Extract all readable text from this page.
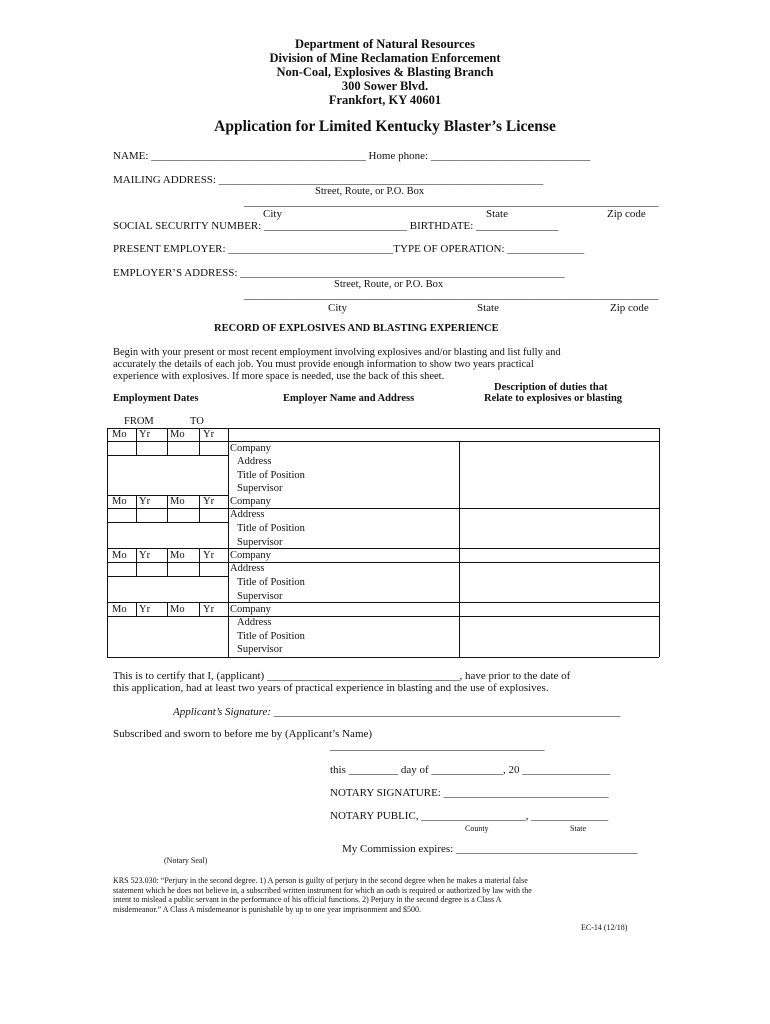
Department of Natural Resources
Division of Mine Reclamation Enforcement
Non-Coal, Explosives & Blasting Branch
300 Sower Blvd.
Frankfort, KY 40601
Application for Limited Kentucky Blaster’s License
NAME: _______________________________________ Home phone: _____________________________
MAILING ADDRESS: ___________________________________________________________
Street, Route, or P.O. Box
_______________________________________________________________________________
City	State	Zip code
SOCIAL SECURITY NUMBER: __________________________ BIRTHDATE: _______________
PRESENT EMPLOYER: ______________________________TYPE OF OPERATION: ______________
EMPLOYER’S ADDRESS: ___________________________________________________________
Street, Route, or P.O. Box
_______________________________________________________________________________
City	State	Zip code
RECORD OF EXPLOSIVES AND BLASTING EXPERIENCE
Begin with your present or most recent employment involving explosives and/or blasting and list fully and
accurately the details of each job. You must provide enough information to show two years practical
experience with explosives. If more space is needed, use the back of this sheet.
Description of duties that
Employment Dates	Employer Name and Address	Relate to explosives or blasting
FROM	TO
Mo Yr Mo Yr
Company
Address
Title of Position
Supervisor
Mo Yr Mo Yr Company
Address
Title of Position
Supervisor
Mo Yr Mo Yr Company
Address
Title of Position
Supervisor
Mo Yr Mo Yr Company
Address
Title of Position
Supervisor
This is to certify that I, (applicant) ___________________________________, have prior to the date of
this application, had at least two years of practical experience in blasting and the use of explosives.
Applicant’s Signature: _______________________________________________________________
Subscribed and sworn to before me by (Applicant’s Name)
_______________________________________
this _________ day of _____________, 20 ________________
NOTARY SIGNATURE: ______________________________
NOTARY PUBLIC, ___________________, ______________
County	State
My Commission expires: _________________________________
(Notary Seal)
KRS 523.030: “Perjury in the second degree. 1) A person is guilty of perjury in the second degree when he makes a material false
statement which he does not believe in, a subscribed written instrument for which an oath is required or authorized by law with the
intent to mislead a public servant in the performance of his official functions. 2) Perjury in the second degree is a Class A
misdemeanor.” A Class A misdemeanor is punishable by up to one year imprisonment and $500.
EC-14 (12/18)
